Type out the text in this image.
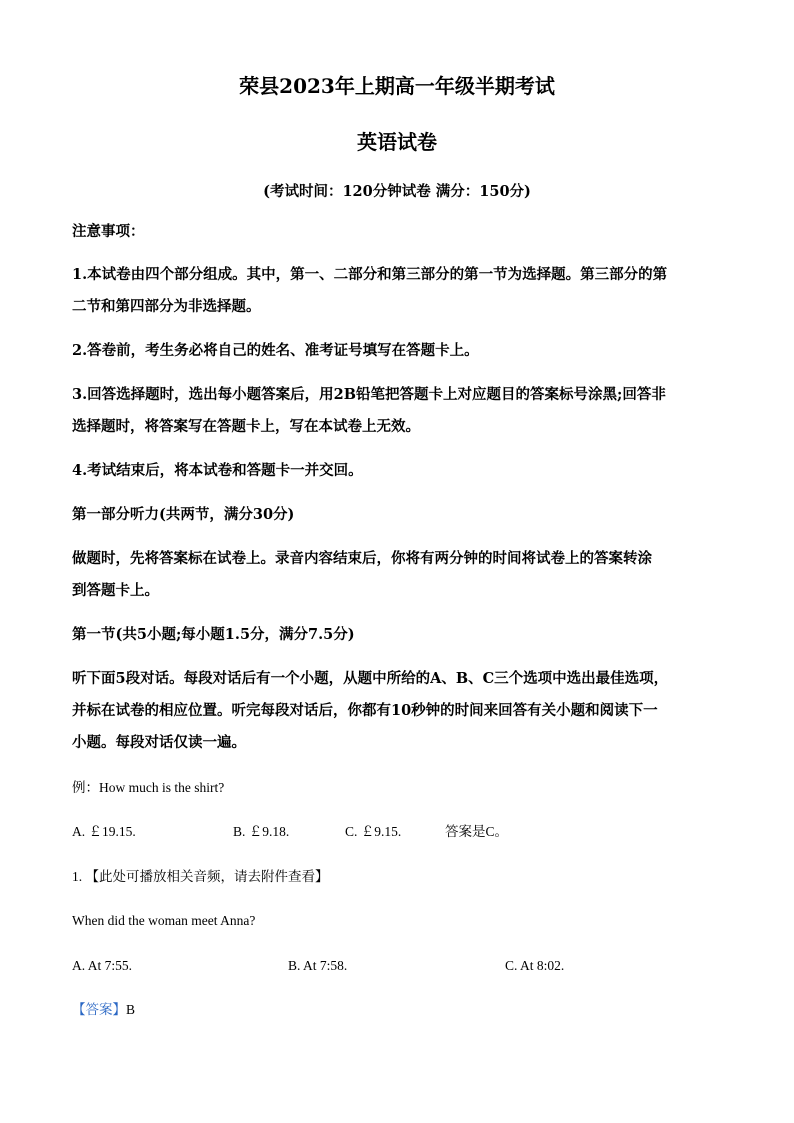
荣县2023年上期高一年级半期考试
英语试卷
(考试时间：120分钟试卷 满分：150分)
注意事项：
1.本试卷由四个部分组成。其中，第一、二部分和第三部分的第一节为选择题。第三部分的第
二节和第四部分为非选择题。
2.答卷前，考生务必将自己的姓名、准考证号填写在答题卡上。
3.回答选择题时，选出每小题答案后，用2B铅笔把答题卡上对应题目的答案标号涂黑;回答非
选择题时，将答案写在答题卡上，写在本试卷上无效。
4.考试结束后，将本试卷和答题卡一并交回。
第一部分听力(共两节，满分30分)
做题时，先将答案标在试卷上。录音内容结束后，你将有两分钟的时间将试卷上的答案转涂
到答题卡上。
第一节(共5小题;每小题1.5分，满分7.5分)
听下面5段对话。每段对话后有一个小题，从题中所给的A、B、C三个选项中选出最佳选项，
并标在试卷的相应位置。听完每段对话后，你都有10秒钟的时间来回答有关小题和阅读下一
小题。每段对话仅读一遍。
例：How much is the shirt?
A. ￡19.15.	B. ￡9.18.	C. ￡9.15.	答案是C。
1. 【此处可播放相关音频，请去附件查看】
When did the woman meet Anna?
A. At 7:55.	B. At 7:58.	C. At 8:02.
【答案】B
